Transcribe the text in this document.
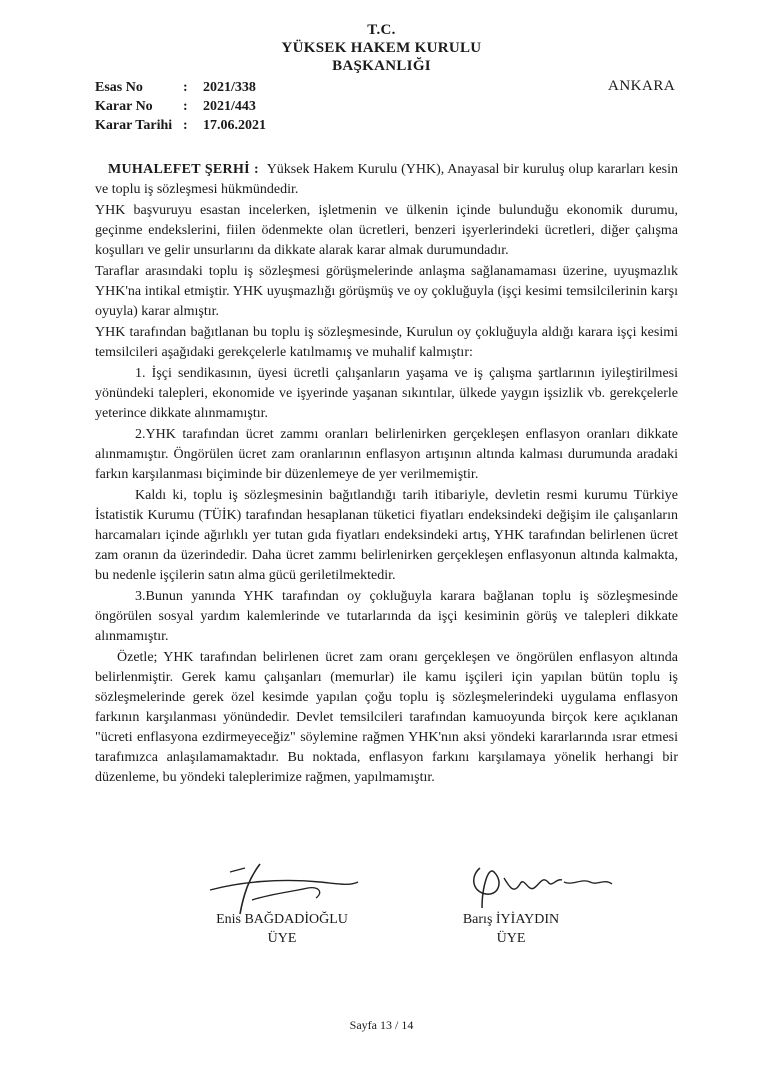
T.C.
YÜKSEK HAKEM KURULU
BAŞKANLIĞI
ANKARA
Esas No	:	2021/338
Karar No	:	2021/443
Karar Tarihi :	17.06.2021

MUHALEFET ŞERHİ : Yüksek Hakem Kurulu (YHK), Anayasal bir kuruluş olup kararları kesin ve toplu iş sözleşmesi hükmündedir.

YHK başvuruyu esastan incelerken, işletmenin ve ülkenin içinde bulunduğu ekonomik durumu, geçinme endekslerini, fiilen ödenmekte olan ücretleri, benzeri işyerlerindeki ücretleri, diğer çalışma koşulları ve gelir unsurlarını da dikkate alarak karar almak durumundadır.

Taraflar arasındaki toplu iş sözleşmesi görüşmelerinde anlaşma sağlanamaması üzerine, uyuşmazlık YHK'na intikal etmiştir. YHK uyuşmazlığı görüşmüş ve oy çokluğuyla (işçi kesimi temsilcilerinin karşı oyuyla) karar almıştır.

YHK tarafından bağıtlanan bu toplu iş sözleşmesinde, Kurulun oy çokluğuyla aldığı karara işçi kesimi temsilcileri aşağıdaki gerekçelerle katılmamış ve muhalif kalmıştır:

1. İşçi sendikasının, üyesi ücretli çalışanların yaşama ve iş çalışma şartlarının iyileştirilmesi yönündeki talepleri, ekonomide ve işyerinde yaşanan sıkıntılar, ülkede yaygın işsizlik vb. gerekçelerle yeterince dikkate alınmamıştır.

2.YHK tarafından ücret zammı oranları belirlenirken gerçekleşen enflasyon oranları dikkate alınmamıştır. Öngörülen ücret zam oranlarının enflasyon artışının altında kalması durumunda aradaki farkın karşılanması biçiminde bir düzenlemeye de yer verilmemiştir.

Kaldı ki, toplu iş sözleşmesinin bağıtlandığı tarih itibariyle, devletin resmi kurumu Türkiye İstatistik Kurumu (TÜİK) tarafından hesaplanan tüketici fiyatları endeksindeki değişim ile çalışanların harcamaları içinde ağırlıklı yer tutan gıda fiyatları endeksindeki artış, YHK tarafından belirlenen ücret zam oranın da üzerindedir. Daha ücret zammı belirlenirken gerçekleşen enflasyonun altında kalmakta, bu nedenle işçilerin satın alma gücü geriletilmektedir.

3.Bunun yanında YHK tarafından oy çokluğuyla karara bağlanan toplu iş sözleşmesinde öngörülen sosyal yardım kalemlerinde ve tutarlarında da işçi kesiminin görüş ve talepleri dikkate alınmamıştır.

Özetle; YHK tarafından belirlenen ücret zam oranı gerçekleşen ve öngörülen enflasyon altında belirlenmiştir. Gerek kamu çalışanları (memurlar) ile kamu işçileri için yapılan bütün toplu iş sözleşmelerinde gerek özel kesimde yapılan çoğu toplu iş sözleşmelerindeki uygulama enflasyon farkının karşılanması yönündedir. Devlet temsilcileri tarafından kamuoyunda birçok kere açıklanan "ücreti enflasyona ezdirmeyeceğiz" söylemine rağmen YHK'nın aksi yöndeki kararlarında ısrar etmesi tarafımızca anlaşılamamaktadır. Bu noktada, enflasyon farkını karşılamaya yönelik herhangi bir düzenleme, bu yöndeki taleplerimize rağmen, yapılmamıştır.

Enis BAĞDADİOĞLU
ÜYE
Barış İYİAYDIN
ÜYE
Sayfa 13 / 14
